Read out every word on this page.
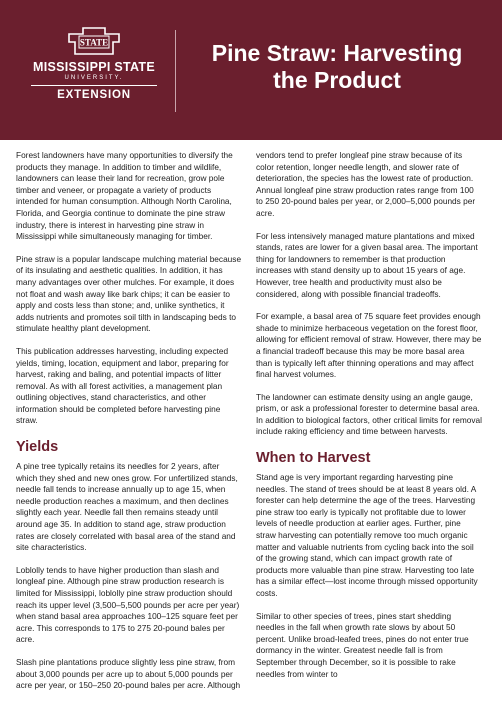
STATE
MISSISSIPPI STATE
UNIVERSITY.
EXTENSION
Pine Straw: Harvesting
the Product

Forest landowners have many opportunities to diversify the products they manage. In addition to timber and wildlife, landowners can lease their land for recreation, grow pole timber and veneer, or propagate a variety of products intended for human consumption. Although North Carolina, Florida, and Georgia continue to dominate the pine straw industry, there is interest in harvesting pine straw in Mississippi while simultaneously managing for timber.

Pine straw is a popular landscape mulching material because of its insulating and aesthetic qualities. In addition, it has many advantages over other mulches. For example, it does not float and wash away like bark chips; it can be easier to apply and costs less than stone; and, unlike synthetics, it adds nutrients and promotes soil tilth in landscaping beds to stimulate healthy plant development.

This publication addresses harvesting, including expected yields, timing, location, equipment and labor, preparing for harvest, raking and baling, and potential impacts of litter removal. As with all forest activities, a management plan outlining objectives, stand characteristics, and other information should be completed before harvesting pine straw.

Yields

A pine tree typically retains its needles for 2 years, after which they shed and new ones grow. For unfertilized stands, needle fall tends to increase annually up to age 15, when needle production reaches a maximum, and then declines slightly each year. Needle fall then remains steady until around age 35. In addition to stand age, straw production rates are closely correlated with basal area of the stand and site characteristics.

Loblolly tends to have higher production than slash and longleaf pine. Although pine straw production research is limited for Mississippi, loblolly pine straw production should reach its upper level (3,500–5,500 pounds per acre per year) when stand basal area approaches 100–125 square feet per acre. This corresponds to 175 to 275 20-pound bales per acre.

Slash pine plantations produce slightly less pine straw, from about 3,000 pounds per acre up to about 5,000 pounds per acre per year, or 150–250 20-pound bales per acre. Although

vendors tend to prefer longleaf pine straw because of its color retention, longer needle length, and slower rate of deterioration, the species has the lowest rate of production. Annual longleaf pine straw production rates range from 100 to 250 20-pound bales per year, or 2,000–5,000 pounds per acre.

For less intensively managed mature plantations and mixed stands, rates are lower for a given basal area. The important thing for landowners to remember is that production increases with stand density up to about 15 years of age. However, tree health and productivity must also be considered, along with possible financial tradeoffs.

For example, a basal area of 75 square feet provides enough shade to minimize herbaceous vegetation on the forest floor, allowing for efficient removal of straw. However, there may be a financial tradeoff because this may be more basal area than is typically left after thinning operations and may affect final harvest volumes.

The landowner can estimate density using an angle gauge, prism, or ask a professional forester to determine basal area. In addition to biological factors, other critical limits for removal include raking efficiency and time between harvests.

When to Harvest

Stand age is very important regarding harvesting pine needles. The stand of trees should be at least 8 years old. A forester can help determine the age of the trees. Harvesting pine straw too early is typically not profitable due to lower levels of needle production at earlier ages. Further, pine straw harvesting can potentially remove too much organic matter and valuable nutrients from cycling back into the soil of the growing stand, which can impact growth rate of products more valuable than pine straw. Harvesting too late has a similar effect—lost income through missed opportunity costs.

Similar to other species of trees, pines start shedding needles in the fall when growth rate slows by about 50 percent. Unlike broad-leafed trees, pines do not enter true dormancy in the winter. Greatest needle fall is from September through December, so it is possible to rake needles from winter to
